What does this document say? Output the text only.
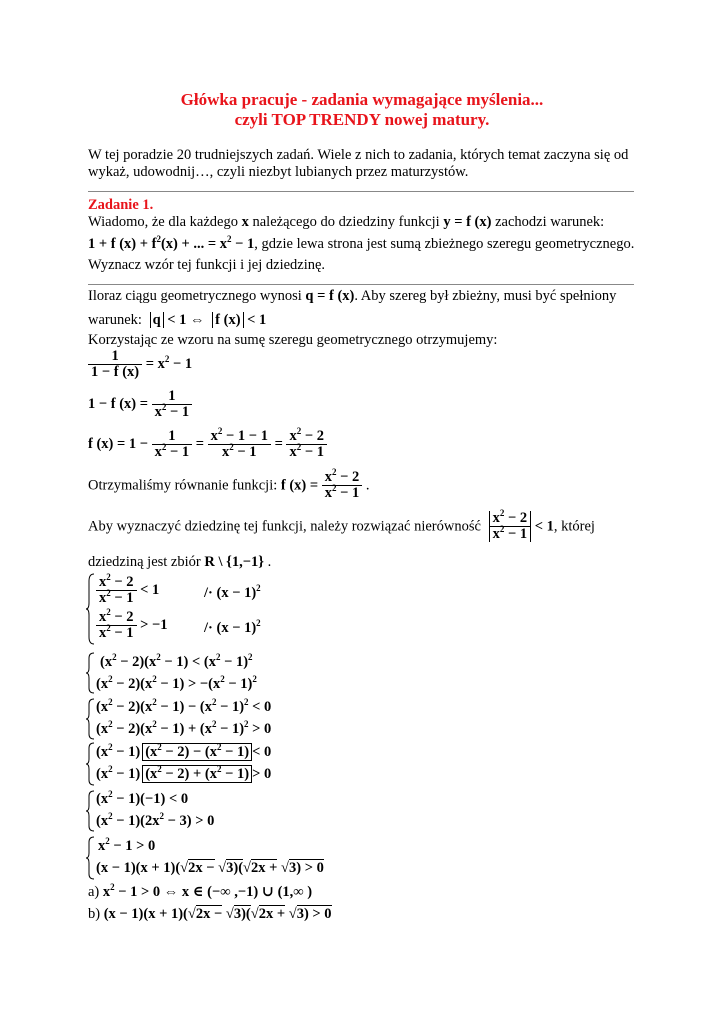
Główka pracuje - zadania wymagające myślenia...
czyli TOP TRENDY nowej matury.
W tej poradzie 20 trudniejszych zadań. Wiele z nich to zadania, których temat zaczyna się od
wykaż, udowodnij…, czyli niezbyt lubianych przez maturzystów.
Zadanie 1.
Wiadomo, że dla każdego x należącego do dziedziny funkcji y = f (x) zachodzi warunek:
1 + f $(x) + f^2(x)$ + ... = $x^2 - 1$, gdzie lewa strona jest sumą zbieżnego szeregu geometrycznego.
Wyznacz wzór tej funkcji i jej dziedzinę.
Iloraz ciągu geometrycznego wynosi q = f (x). Aby szereg był zbieżny, musi być spełniony
warunek: q < 1 ⇔ f (x) < 1
Korzystając ze wzoru na sumę szeregu geometrycznego otrzymujemy:
$\frac{1}{1 - f (x)} = x^2 - 1$
1 − f $(x) = \frac{1}{x^2 - 1}$
f $(x) = 1 - \frac{1}{x^2 - 1} = \frac{x^2 - 1 - 1}{x^2 - 1} = \frac{x^2 - 2}{x^2 - 1}$
Otrzymaliśmy równanie funkcji: f $(x) = \frac{x^2 - 2}{x^2 - 1}$ .
Aby wyznaczyć dziedzinę tej funkcji, należy rozwiązać nierówność $\frac{x^2 - 2}{x^2 - 1} < 1$, której
dziedziną jest zbiór R \ {1,−1} .
$\frac{x^2 - 2}{x^2 - 1} < 1$	/· $(x - 1)^2$
$\frac{x^2 - 2}{x^2 - 1} > -1$	/· $(x - 1)^2$
$(x^2 - 2)(x^2 - 1) < (x^2 - 1)^2$
$(x^2 - 2)(x^2 - 1) > -(x^2 - 1)^2$
$(x^2 - 2)(x^2 - 1) - (x^2 - 1)^2 < 0$
$(x^2 - 2)(x^2 - 1) + (x^2 - 1)^2 > 0$
$(x^2 - 1) (x^2 - 2) - (x^2 - 1) < 0$
$(x^2 - 1) (x^2 - 2) + (x^2 - 1) > 0$
$(x^2 - 1)(-1) < 0$
$(x^2 - 1)(2x^2 - 3) > 0$
$x^2 - 1 > 0$
(x − 1)(x + 1)(√2x − √3)(√2x + √3) > 0
a) $x^2 - 1 > 0$ ⇔ x ∈ (−∞ ,−1) ∪ (1,∞ )
b) (x − 1)(x + 1)(√2x − √3)(√2x + √3) > 0
